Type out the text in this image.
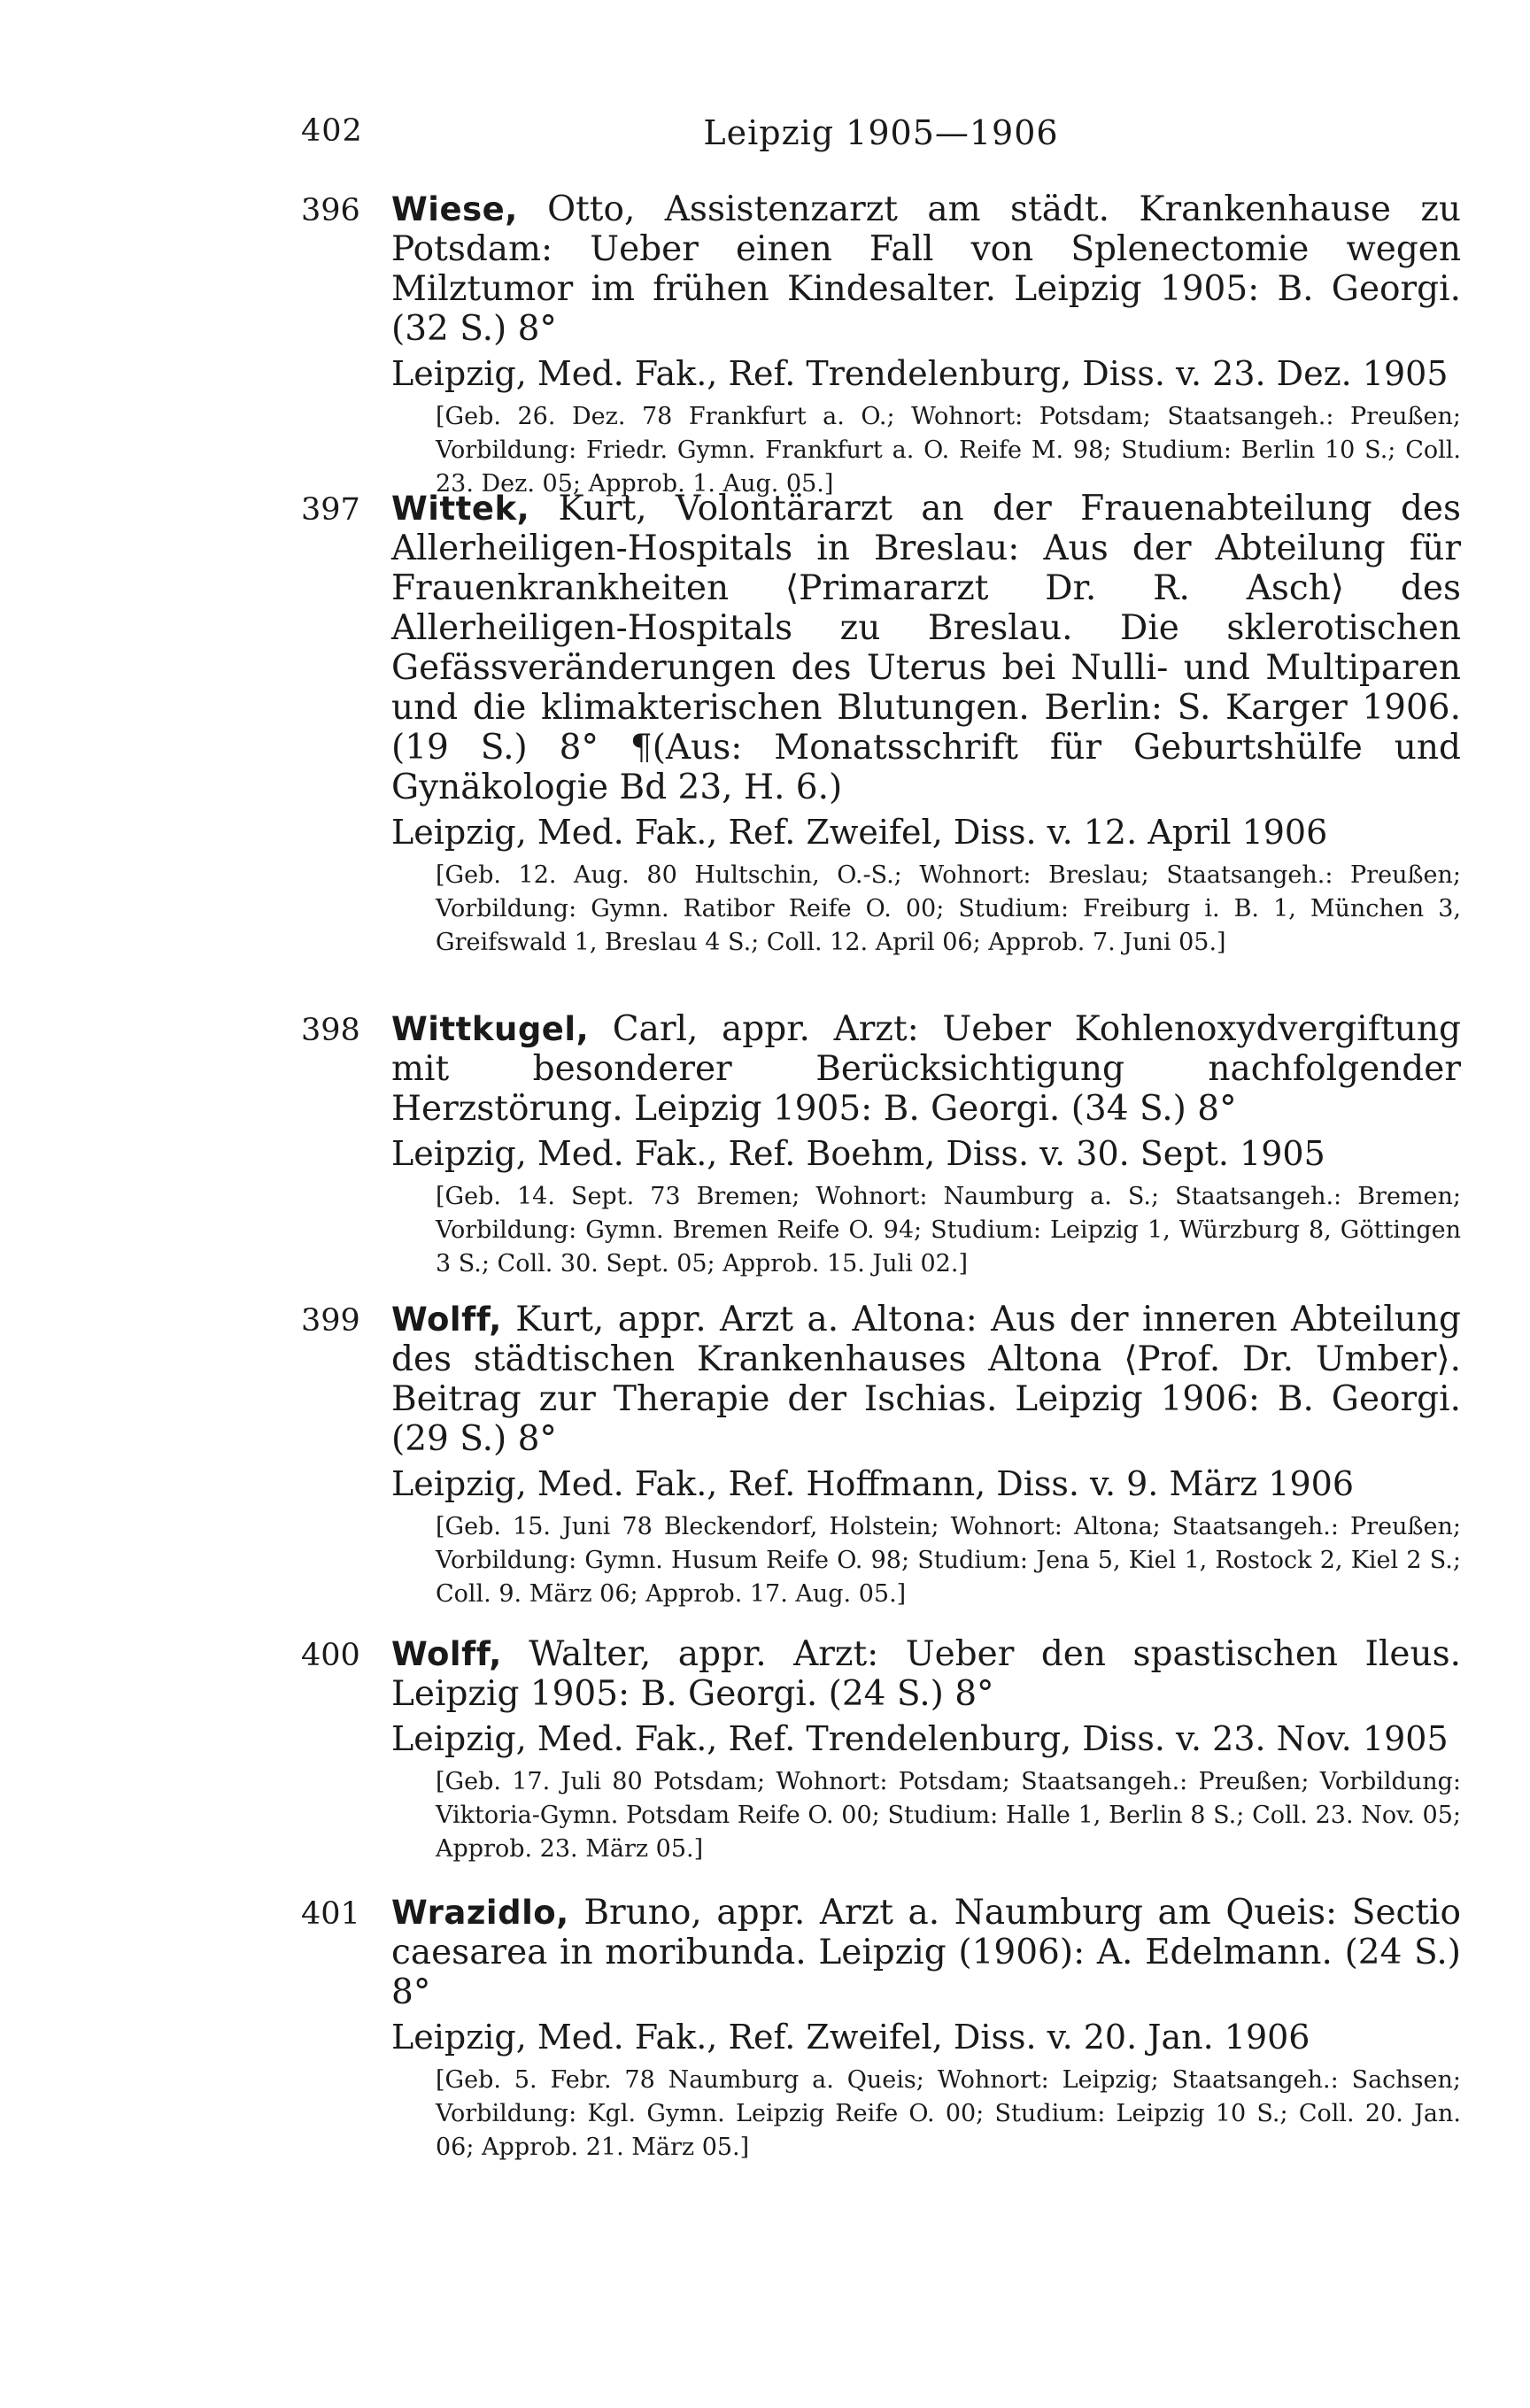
402	Leipzig 1905—1906
396 Wiese, Otto, Assistenzarzt am städt. Krankenhause zu Potsdam: Ueber einen Fall von Splenectomie wegen Milztumor im frühen Kindesalter. Leipzig 1905: B. Georgi. (32 S.) 8°

Leipzig, Med. Fak., Ref. Trendelenburg, Diss. v. 23. Dez. 1905
[Geb. 26. Dez. 78 Frankfurt a. O.; Wohnort: Potsdam; Staatsangeh.: Preußen; Vorbildung: Friedr. Gymn. Frankfurt a. O. Reife M. 98; Studium: Berlin 10 S.; Coll. 23. Dez. 05; Approb. 1. Aug. 05.]
397 Wittek, Kurt, Volontärarzt an der Frauenabteilung des Allerheiligen-Hospitals in Breslau: Aus der Abteilung für Frauenkrankheiten ⟨Primararzt Dr. R. Asch⟩ des Allerheiligen-Hospitals zu Breslau. Die sklerotischen Gefässveränderungen des Uterus bei Nulli- und Multiparen und die klimakterischen Blutungen. Berlin: S. Karger 1906. (19 S.) 8° ¶(Aus: Monatsschrift für Geburtshülfe und Gynäkologie Bd 23, H. 6.)

Leipzig, Med. Fak., Ref. Zweifel, Diss. v. 12. April 1906
[Geb. 12. Aug. 80 Hultschin, O.-S.; Wohnort: Breslau; Staatsangeh.: Preußen; Vorbildung: Gymn. Ratibor Reife O. 00; Studium: Freiburg i. B. 1, München 3, Greifswald 1, Breslau 4 S.; Coll. 12. April 06; Approb. 7. Juni 05.]
398 Wittkugel, Carl, appr. Arzt: Ueber Kohlenoxydvergiftung mit besonderer Berücksichtigung nachfolgender Herzstörung. Leipzig 1905: B. Georgi. (34 S.) 8°

Leipzig, Med. Fak., Ref. Boehm, Diss. v. 30. Sept. 1905
[Geb. 14. Sept. 73 Bremen; Wohnort: Naumburg a. S.; Staatsangeh.: Bremen; Vorbildung: Gymn. Bremen Reife O. 94; Studium: Leipzig 1, Würzburg 8, Göttingen 3 S.; Coll. 30. Sept. 05; Approb. 15. Juli 02.]
399 Wolff, Kurt, appr. Arzt a. Altona: Aus der inneren Abteilung des städtischen Krankenhauses Altona ⟨Prof. Dr. Umber⟩. Beitrag zur Therapie der Ischias. Leipzig 1906: B. Georgi. (29 S.) 8°

Leipzig, Med. Fak., Ref. Hoffmann, Diss. v. 9. März 1906
[Geb. 15. Juni 78 Bleckendorf, Holstein; Wohnort: Altona; Staatsangeh.: Preußen; Vorbildung: Gymn. Husum Reife O. 98; Studium: Jena 5, Kiel 1, Rostock 2, Kiel 2 S.; Coll. 9. März 06; Approb. 17. Aug. 05.]
400 Wolff, Walter, appr. Arzt: Ueber den spastischen Ileus. Leipzig 1905: B. Georgi. (24 S.) 8°

Leipzig, Med. Fak., Ref. Trendelenburg, Diss. v. 23. Nov. 1905
[Geb. 17. Juli 80 Potsdam; Wohnort: Potsdam; Staatsangeh.: Preußen; Vorbildung: Viktoria-Gymn. Potsdam Reife O. 00; Studium: Halle 1, Berlin 8 S.; Coll. 23. Nov. 05; Approb. 23. März 05.]
401 Wrazidlo, Bruno, appr. Arzt a. Naumburg am Queis: Sectio caesarea in moribunda. Leipzig (1906): A. Edelmann. (24 S.) 8°

Leipzig, Med. Fak., Ref. Zweifel, Diss. v. 20. Jan. 1906
[Geb. 5. Febr. 78 Naumburg a. Queis; Wohnort: Leipzig; Staatsangeh.: Sachsen; Vorbildung: Kgl. Gymn. Leipzig Reife O. 00; Studium: Leipzig 10 S.; Coll. 20. Jan. 06; Approb. 21. März 05.]
